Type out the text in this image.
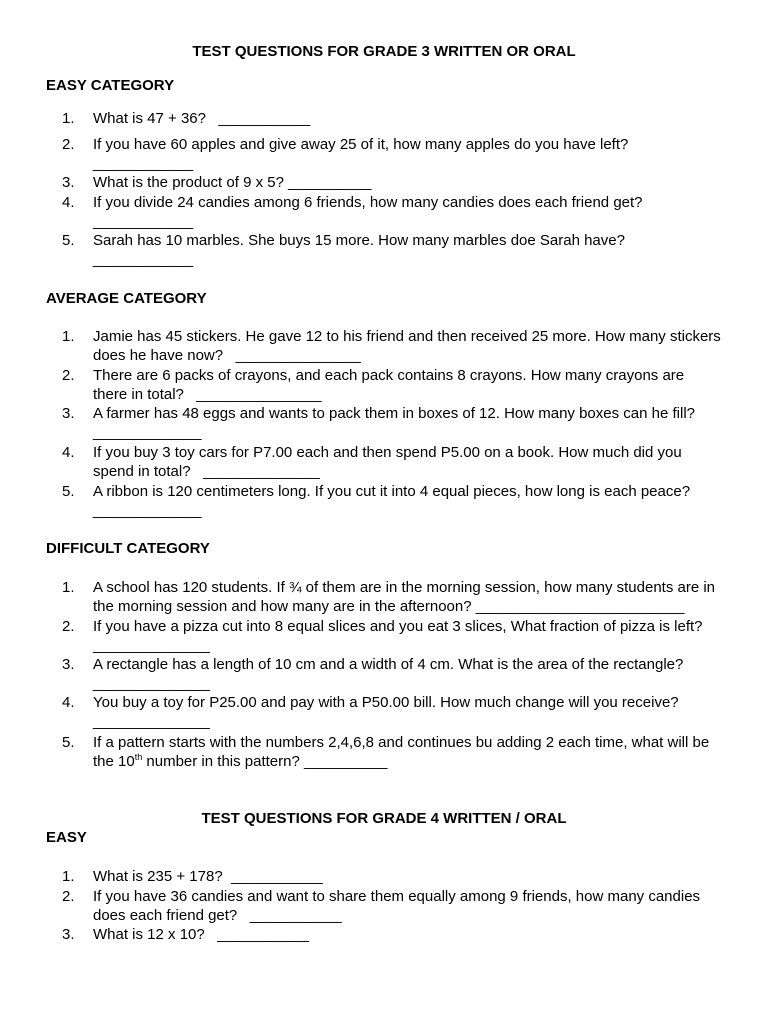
TEST QUESTIONS FOR GRADE 3 WRITTEN OR ORAL
EASY CATEGORY
1.	What is 47 + 36?   ___________
2.	If you have 60 apples and give away 25 of it, how many apples do you have left?
____________
3.	What is the product of 9 x 5? __________
4.	If you divide 24 candies among 6 friends, how many candies does each friend get?
____________
5.	Sarah has 10 marbles. She buys 15 more. How many marbles doe Sarah have?
____________
AVERAGE CATEGORY
1.	Jamie has 45 stickers. He gave 12 to his friend and then received 25 more. How many stickers does he have now?   _______________
2.	There are 6 packs of crayons, and each pack contains 8 crayons. How many crayons are there in total?   _______________
3.	A farmer has 48 eggs and wants to pack them in boxes of 12. How many boxes can he fill?
_____________
4.	If you buy 3 toy cars for P7.00 each and then spend P5.00 on a book. How much did you spend in total?   ______________
5.	A ribbon is 120 centimeters long. If you cut it into 4 equal pieces, how long is each peace?
_____________
DIFFICULT CATEGORY
1.	A school has 120 students. If ¾ of them are in the morning session, how many students are in the morning session and how many are in the afternoon? _________________________
2.	If you have a pizza cut into 8 equal slices and you eat 3 slices, What fraction of pizza is left?   ______________
3.	A rectangle has a length of 10 cm and a width of 4 cm. What is the area of the rectangle?
______________
4.	You buy a toy for P25.00 and pay with a P50.00 bill. How much change will you receive?
______________
5.	If a pattern starts with the numbers 2,4,6,8 and continues bu adding 2 each time, what will be the 10th number in this pattern? __________
TEST QUESTIONS FOR GRADE 4 WRITTEN / ORAL
EASY
1.	What is 235 + 178?  ___________
2.	If you have 36 candies and want to share them equally among 9 friends, how many candies does each friend get?   ___________
3.	What is 12 x 10?   ___________
